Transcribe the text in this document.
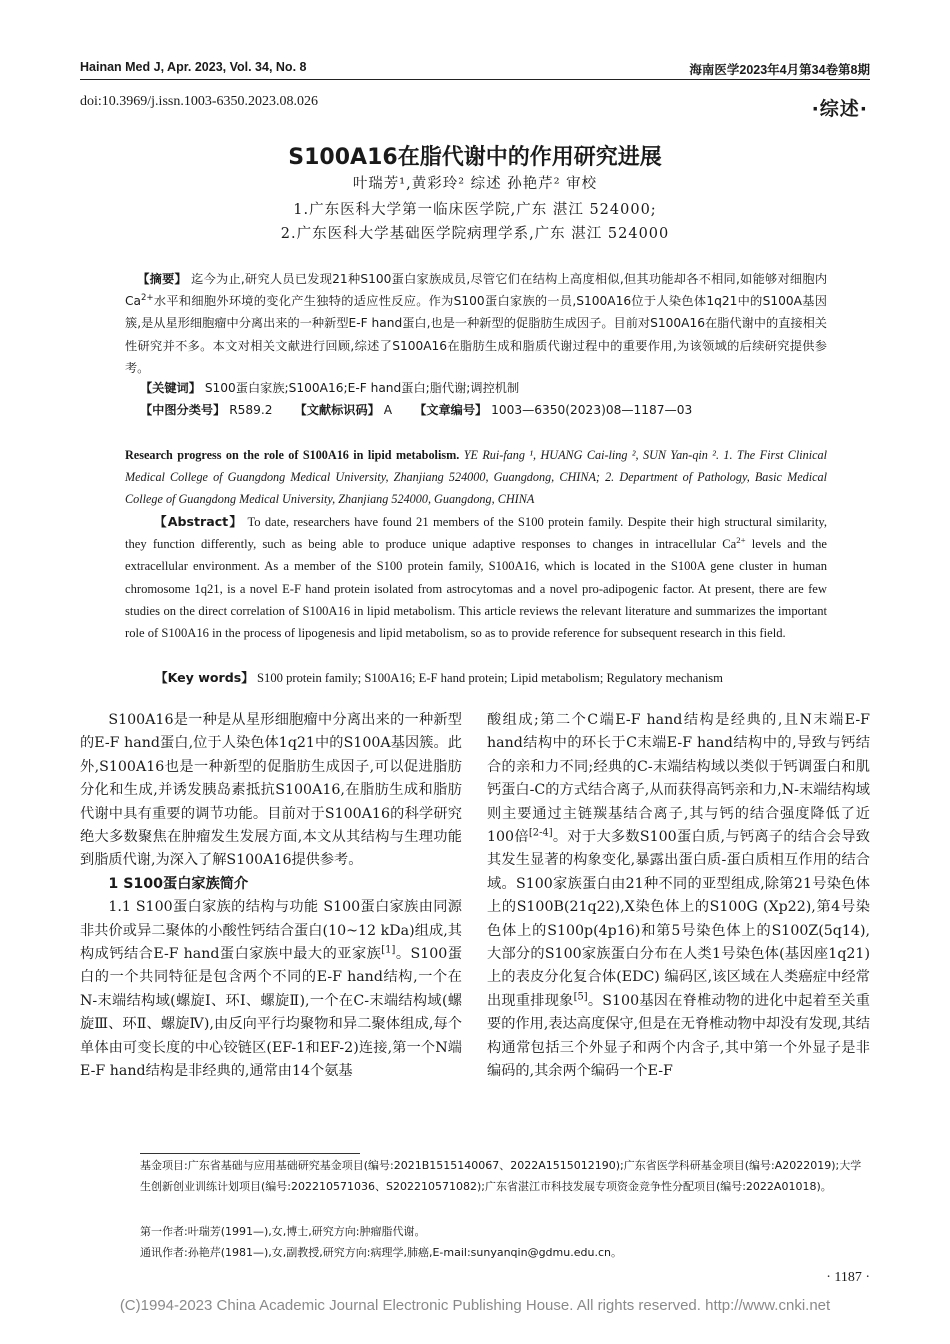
Hainan Med J, Apr. 2023, Vol. 34, No. 8	海南医学2023年4月第34卷第8期
doi:10.3969/j.issn.1003-6350.2023.08.026	·综述·
S100A16在脂代谢中的作用研究进展
叶瑞芳¹,黄彩玲² 综述 孙艳芹² 审校
1.广东医科大学第一临床医学院,广东 湛江 524000;
2.广东医科大学基础医学院病理学系,广东 湛江 524000
【摘要】 迄今为止,研究人员已发现21种S100蛋白家族成员,尽管它们在结构上高度相似,但其功能却各不相同,如能够对细胞内$Ca^{2+}$水平和细胞外环境的变化产生独特的适应性反应。作为S100蛋白家族的一员,S100A16位于人染色体1q21中的S100A基因簇,是从星形细胞瘤中分离出来的一种新型E-F hand蛋白,也是一种新型的促脂肪生成因子。目前对S100A16在脂代谢中的直接相关性研究并不多。本文对相关文献进行回顾,综述了S100A16在脂肪生成和脂质代谢过程中的重要作用,为该领域的后续研究提供参考。
【关键词】 S100蛋白家族;S100A16;E-F hand蛋白;脂代谢;调控机制
【中图分类号】 R589.2 【文献标识码】 A 【文章编号】 1003—6350(2023)08—1187—03
Research progress on the role of S100A16 in lipid metabolism. YE Rui-fang ¹, HUANG Cai-ling ², SUN Yan-qin ². 1. The First Clinical Medical College of Guangdong Medical University, Zhanjiang 524000, Guangdong, CHINA; 2. Department of Pathology, Basic Medical College of Guangdong Medical University, Zhanjiang 524000, Guangdong, CHINA
【Abstract】 To date, researchers have found 21 members of the S100 protein family. Despite their high structural similarity, they function differently, such as being able to produce unique adaptive responses to changes in intracellular $Ca^{2+}$ levels and the extracellular environment. As a member of the S100 protein family, S100A16, which is located in the S100A gene cluster in human chromosome 1q21, is a novel E-F hand protein isolated from astrocytomas and a novel pro-adipogenic factor. At present, there are few studies on the direct correlation of S100A16 in lipid metabolism. This article reviews the relevant literature and summarizes the important role of S100A16 in the process of lipogenesis and lipid metabolism, so as to provide reference for subsequent research in this field.
【Key words】 S100 protein family; S100A16; E-F hand protein; Lipid metabolism; Regulatory mechanism

S100A16是一种是从星形细胞瘤中分离出来的一种新型的E-F hand蛋白,位于人染色体1q21中的S100A基因簇。此外,S100A16也是一种新型的促脂肪生成因子,可以促进脂肪分化和生成,并诱发胰岛素抵抗S100A16,在脂肪生成和脂肪代谢中具有重要的调节功能。目前对于S100A16的科学研究绝大多数聚焦在肿瘤发生发展方面,本文从其结构与生理功能到脂质代谢,为深入了解S100A16提供参考。

1 S100蛋白家族简介

1.1 S100蛋白家族的结构与功能 S100蛋白家族由同源非共价或异二聚体的小酸性钙结合蛋白(10~12 kDa)组成,其构成钙结合E-F hand蛋白家族中最大的亚家族[1]。S100蛋白的一个共同特征是包含两个不同的E-F hand结构,一个在N-末端结构域(螺旋Ⅰ、环Ⅰ、螺旋Ⅱ),一个在C-末端结构域(螺旋Ⅲ、环Ⅱ、螺旋Ⅳ),由反向平行均聚物和异二聚体组成,每个单体由可变长度的中心铰链区(EF-1和EF-2)连接,第一个N端E-F hand结构是非经典的,通常由14个氨基

酸组成;第二个C端E-F hand结构是经典的,且N末端E-F hand结构中的环长于C末端E-F hand结构中的,导致与钙结合的亲和力不同;经典的C-末端结构域以类似于钙调蛋白和肌钙蛋白-C的方式结合离子,从而获得高钙亲和力,N-末端结构域则主要通过主链羰基结合离子,其与钙的结合强度降低了近100倍[2-4]。对于大多数S100蛋白质,与钙离子的结合会导致其发生显著的构象变化,暴露出蛋白质-蛋白质相互作用的结合域。S100家族蛋白由21种不同的亚型组成,除第21号染色体上的S100B(21q22),X染色体上的S100G (Xp22),第4号染色体上的S100p(4p16)和第5号染色体上的S100Z(5q14),大部分的S100家族蛋白分布在人类1号染色体(基因座1q21)上的表皮分化复合体(EDC) 编码区,该区域在人类癌症中经常出现重排现象[5]。S100基因在脊椎动物的进化中起着至关重要的作用,表达高度保守,但是在无脊椎动物中却没有发现,其结构通常包括三个外显子和两个内含子,其中第一个外显子是非编码的,其余两个编码一个E-F

基金项目:广东省基础与应用基础研究基金项目(编号:2021B1515140067、2022A1515012190);广东省医学科研基金项目(编号:A2022019);大学生创新创业训练计划项目(编号:202210571036、S202210571082);广东省湛江市科技发展专项资金竞争性分配项目(编号:2022A01018)。
第一作者:叶瑞芳(1991—),女,博士,研究方向:肿瘤脂代谢。
通讯作者:孙艳芹(1981—),女,副教授,研究方向:病理学,肺癌,E-mail:sunyanqin@gdmu.edu.cn。
· 1187 ·
(C)1994-2023 China Academic Journal Electronic Publishing House. All rights reserved. http://www.cnki.net
